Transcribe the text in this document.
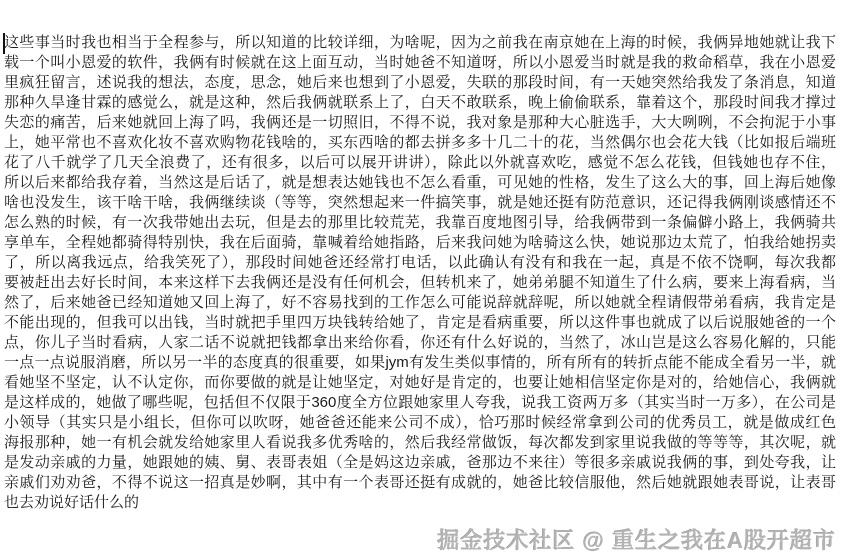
这些事当时我也相当于全程参与，所以知道的比较详细，为啥呢，因为之前我在南京她在上海的时候，我俩异地她就让我下
载一个叫小恩爱的软件，我俩有时候就在这上面互动，当时她爸不知道呀，所以小恩爱当时就是我的救命稻草，我在小恩爱
里疯狂留言，述说我的想法，态度，思念，她后来也想到了小恩爱，失联的那段时间，有一天她突然给我发了条消息，知道
那种久旱逢甘霖的感觉么，就是这种，然后我俩就联系上了，白天不敢联系，晚上偷偷联系，靠着这个，那段时间我才撑过
失恋的痛苦，后来她就回上海了吗，我俩还是一切照旧，不得不说，我对象是那种大心脏选手，大大咧咧，不会拘泥于小事
上，她平常也不喜欢化妆不喜欢购物花钱啥的，买东西啥的都去拼多多十几二十的花，当然偶尔也会花大钱（比如报后端班
花了八千就学了几天全浪费了，还有很多，以后可以展开讲讲），除此以外就喜欢吃，感觉不怎么花钱，但钱她也存不住，
所以后来都给我存着，当然这是后话了，就是想表达她钱也不怎么看重，可见她的性格，发生了这么大的事，回上海后她像
啥也没发生，该干啥干啥，我俩继续谈（等等，突然想起来一件搞笑事，就是她还挺有防范意识，还记得我俩刚谈感情还不
怎么熟的时候，有一次我带她出去玩，但是去的那里比较荒芜，我靠百度地图引导，给我俩带到一条偏僻小路上，我俩骑共
享单车，全程她都骑得特别快，我在后面骑，靠喊着给她指路，后来我问她为啥骑这么快，她说那边太荒了，怕我给她拐卖
了，所以离我远点，给我笑死了），那段时间她爸还经常打电话，以此确认有没有和我在一起，真是不依不饶啊，每次我都
要被赶出去好长时间，本来这样下去我俩还是没有任何机会，但转机来了，她弟弟腿不知道生了什么病，要来上海看病，当
然了，后来她爸已经知道她又回上海了，好不容易找到的工作怎么可能说辞就辞呢，所以她就全程请假带弟看病，我肯定是
不能出现的，但我可以出钱，当时就把手里四万块钱转给她了，肯定是看病重要，所以这件事也就成了以后说服她爸的一个
点，你儿子当时看病，人家二话不说就把钱都拿出来给你看，你还有什么好说的，当然了，冰山岂是这么容易化解的，只能
一点一点说服消磨，所以另一半的态度真的很重要，如果jym有发生类似事情的，所有所有的转折点能不能成全看另一半，就
看她坚不坚定，认不认定你，而你要做的就是让她坚定，对她好是肯定的，也要让她相信坚定你是对的，给她信心，我俩就
是这样成的，她做了哪些呢，包括但不仅限于360度全方位跟她家里人夸我，说我工资两万多（其实当时一万多），在公司是
小领导（其实只是小组长，但你可以吹呀，她爸爸还能来公司不成），恰巧那时候经常拿到公司的优秀员工，就是做成红色
海报那种，她一有机会就发给她家里人看说我多优秀啥的，然后我经常做饭，每次都发到家里说我做的等等等，其次呢，就
是发动亲戚的力量，她跟她的姨、舅、表哥表姐（全是妈这边亲戚，爸那边不来往）等很多亲戚说我俩的事，到处夸我，让
亲戚们劝劝爸，不得不说这一招真是妙啊，其中有一个表哥还挺有成就的，她爸比较信服他，然后她就跟她表哥说，让表哥
也去劝说好话什么的
掘金技术社区 @ 重生之我在A股开超市
